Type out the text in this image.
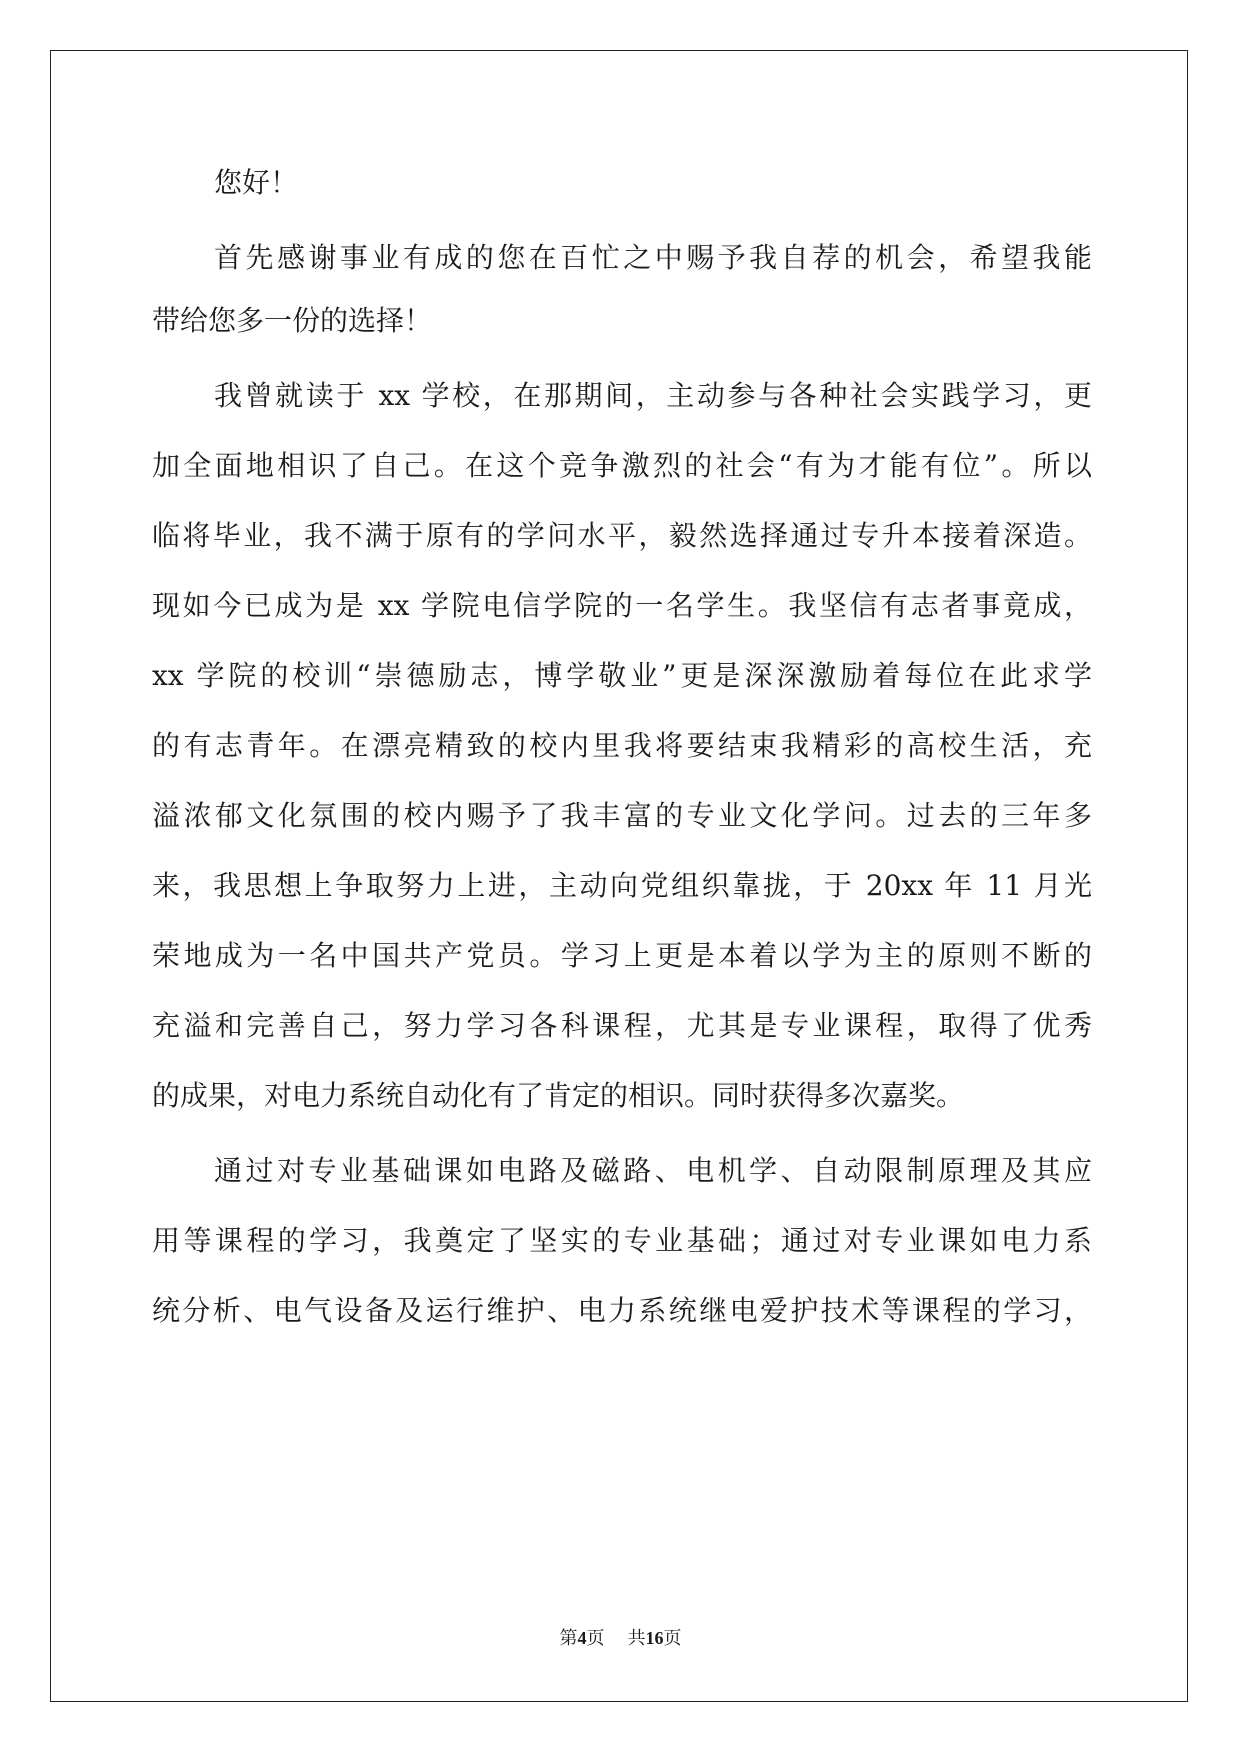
您好！
首先感谢事业有成的您在百忙之中赐予我自荐的机会，希望我能
带给您多一份的选择！
我曾就读于 xx 学校，在那期间，主动参与各种社会实践学习，更
加全面地相识了自己。在这个竞争激烈的社会“有为才能有位”。所以
临将毕业，我不满于原有的学问水平，毅然选择通过专升本接着深造。
现如今已成为是 xx 学院电信学院的一名学生。我坚信有志者事竟成，
xx 学院的校训“崇德励志，博学敬业”更是深深激励着每位在此求学
的有志青年。在漂亮精致的校内里我将要结束我精彩的高校生活，充
溢浓郁文化氛围的校内赐予了我丰富的专业文化学问。过去的三年多
来，我思想上争取努力上进，主动向党组织靠拢，于 20xx 年 11 月光
荣地成为一名中国共产党员。学习上更是本着以学为主的原则不断的
充溢和完善自己，努力学习各科课程，尤其是专业课程，取得了优秀
的成果，对电力系统自动化有了肯定的相识。同时获得多次嘉奖。
通过对专业基础课如电路及磁路、电机学、自动限制原理及其应
用等课程的学习，我奠定了坚实的专业基础；通过对专业课如电力系
统分析、电气设备及运行维护、电力系统继电爱护技术等课程的学习，
第4页 共16页
